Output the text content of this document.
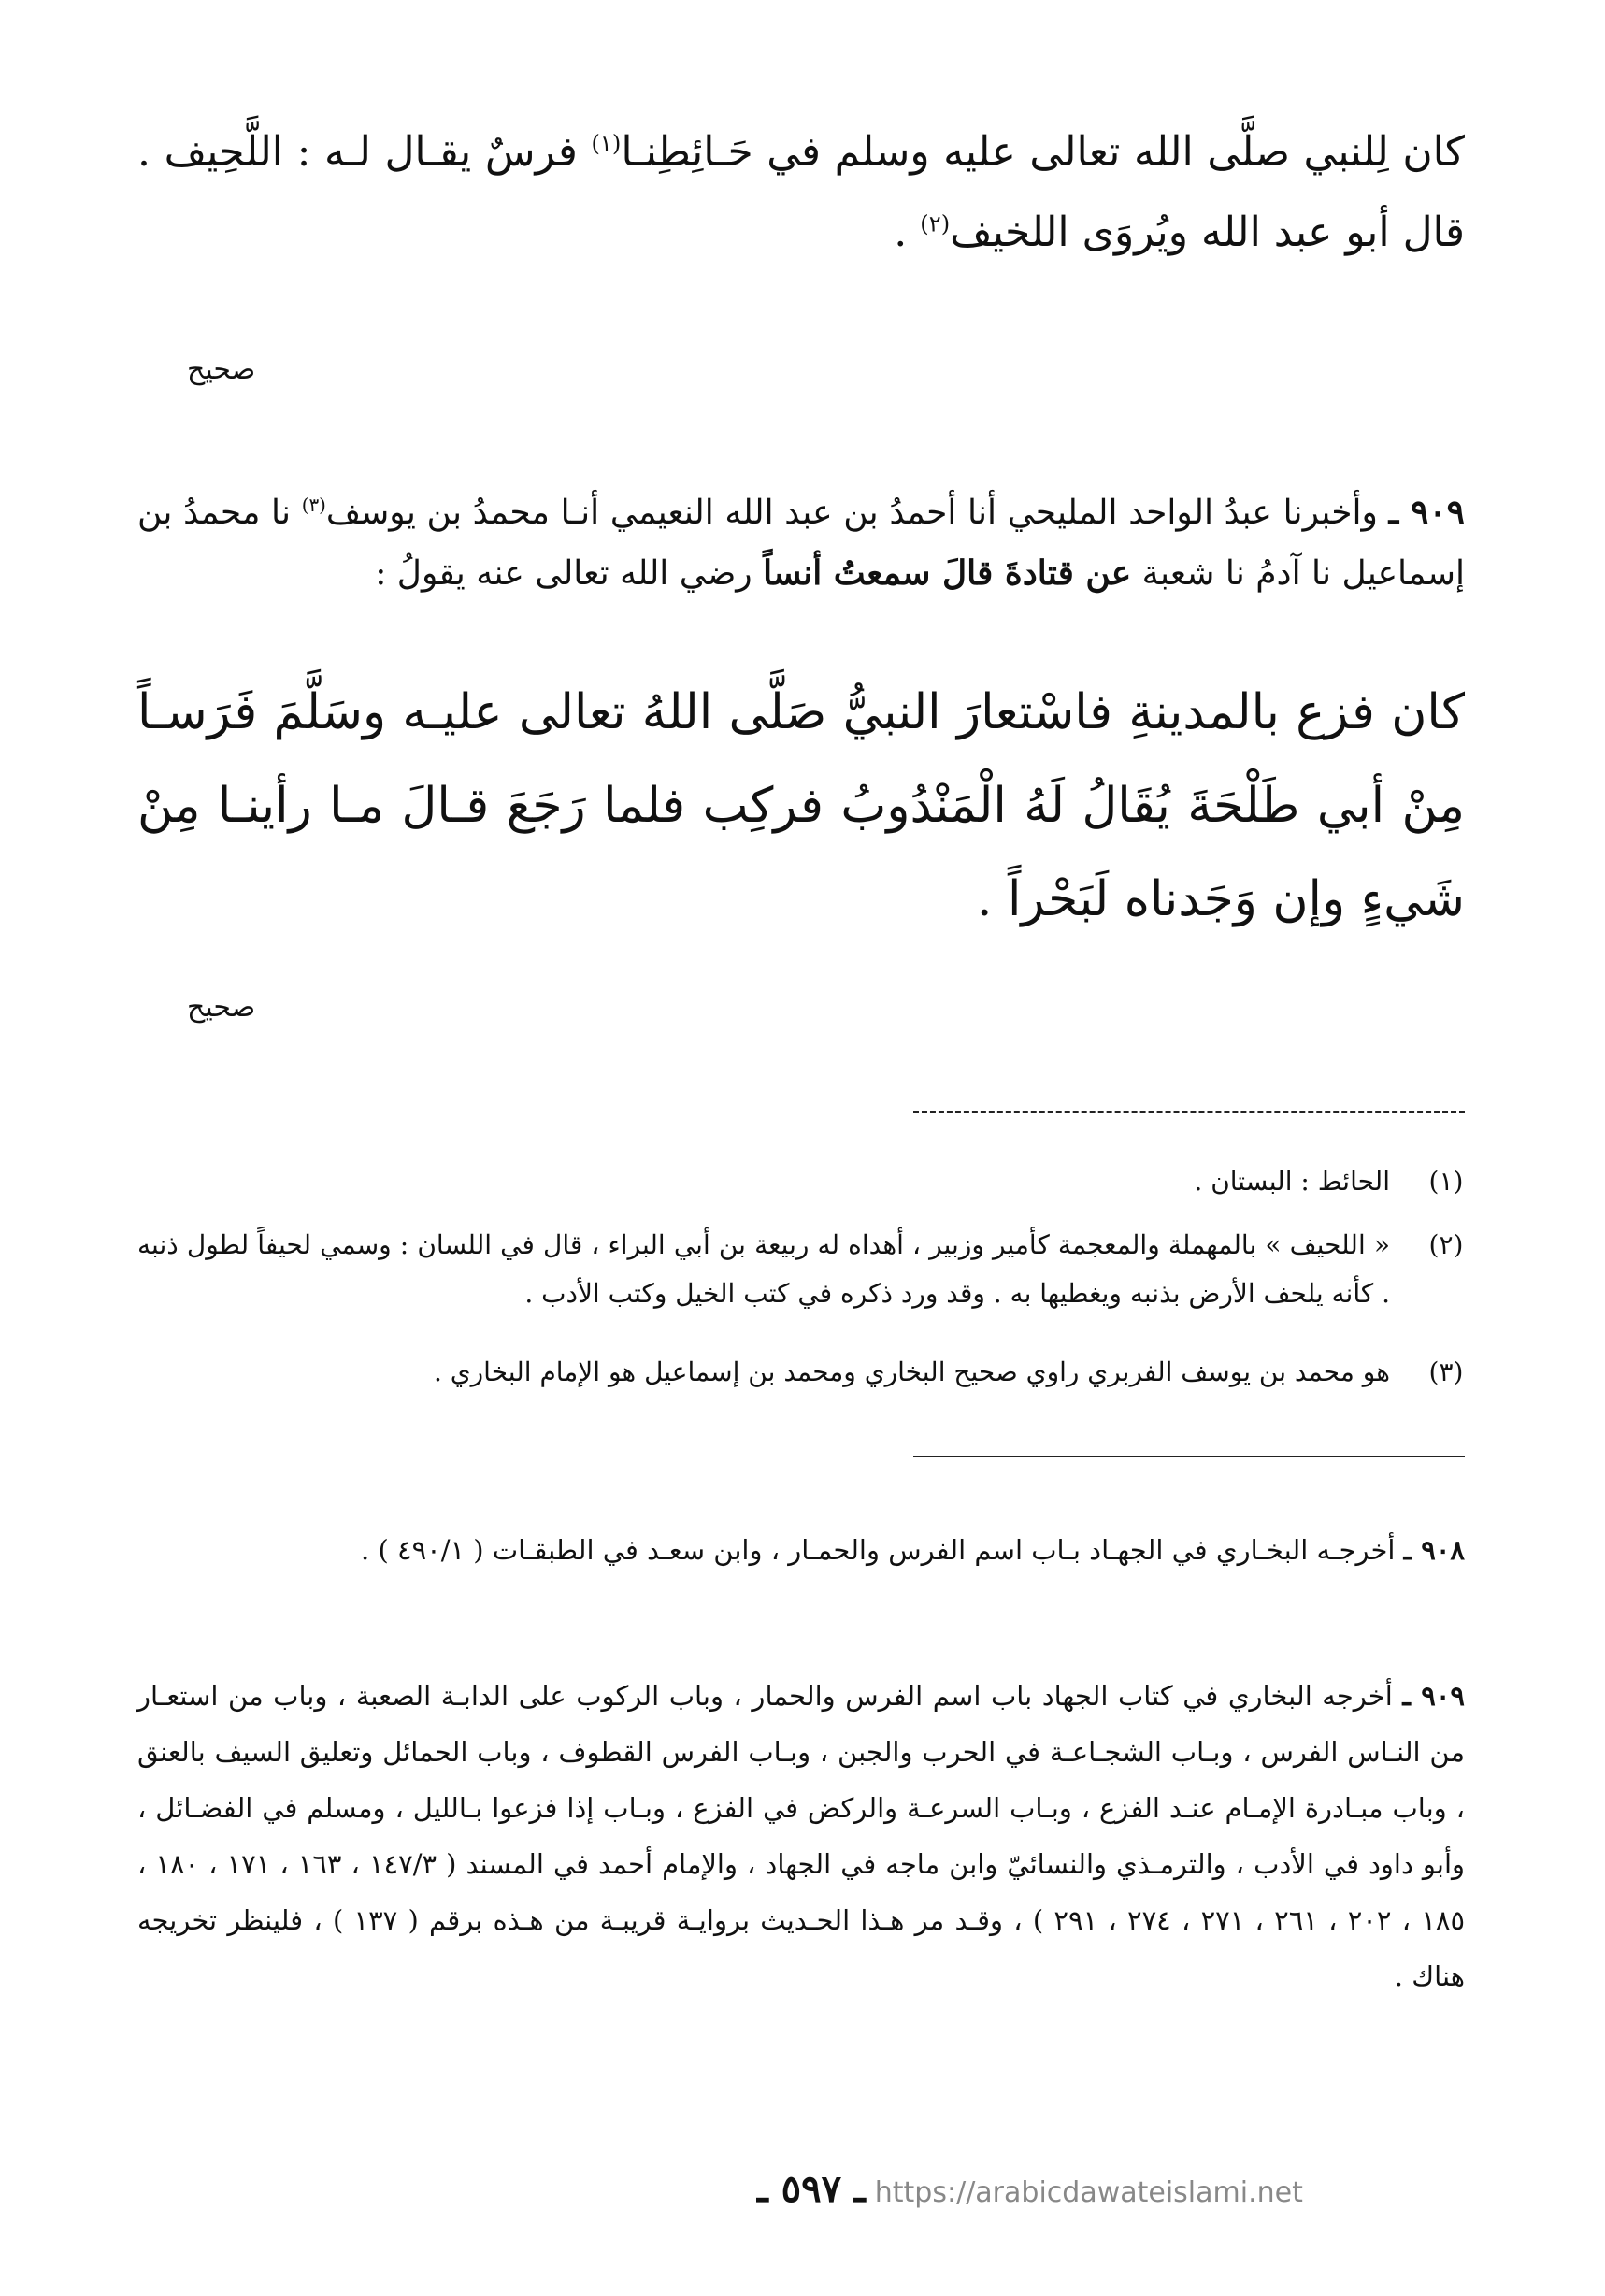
كان لِلنبي صلَّى الله تعالى عليه وسلم في حَـائِطِنـا$^{(١)}$ فرسٌ يقـال لـه : اللَّحِيف . قال أبو عبد الله ويُروَى اللخيف$^{(٢)}$ .
صحيح
٩٠٩ ـ وأخبرنا عبدُ الواحد المليحي أنا أحمدُ بن عبد الله النعيمي أنـا محمدُ بن يوسف$^{(٣)}$ نا محمدُ بن إسماعيل نا آدمُ نا شعبة عن قتادةَ قالَ سمعتُ أنساً رضي الله تعالى عنه يقولُ :
كان فزع بالمدينةِ فاسْتعارَ النبيُّ صَلَّى اللهُ تعالى عليـه وسَلَّمَ فَرَسـاً مِنْ أبي طَلْحَةَ يُقَالُ لَهُ الْمَنْدُوبُ فركِب فلما رَجَعَ قـالَ مـا رأينـا مِنْ شَيءٍ وإن وَجَدناه لَبَحْراً .
صحيح
(١)
الحائط : البستان .
(٢)
« اللحيف » بالمهملة والمعجمة كأمير وزبير ، أهداه له ربيعة بن أبي البراء ، قال في اللسان : وسمي لحيفاً لطول ذنبه . كأنه يلحف الأرض بذنبه ويغطيها به . وقد ورد ذكره في كتب الخيل وكتب الأدب .
(٣)
هو محمد بن يوسف الفربري راوي صحيح البخاري ومحمد بن إسماعيل هو الإمام البخاري .
٩٠٨ ـ أخرجـه البخـاري في الجهـاد بـاب اسم الفرس والحمـار ، وابن سعـد في الطبقـات ( ٤٩٠/١ ) .
٩٠٩ ـ أخرجه البخاري في كتاب الجهاد باب اسم الفرس والحمار ، وباب الركوب على الدابـة الصعبة ، وباب من استعـار من النـاس الفرس ، وبـاب الشجـاعـة في الحرب والجبن ، وبـاب الفرس القطوف ، وباب الحمائل وتعليق السيف بالعنق ، وباب مبـادرة الإمـام عنـد الفزع ، وبـاب السرعـة والركض في الفزع ، وبـاب إذا فزعوا بـالليل ، ومسلم في الفضـائل ، وأبو داود في الأدب ، والترمـذي والنسائيّ وابن ماجه في الجهاد ، والإمام أحمد في المسند ( ١٤٧/٣ ، ١٦٣ ، ١٧١ ، ١٨٠ ، ١٨٥ ، ٢٠٢ ، ٢٦١ ، ٢٧١ ، ٢٧٤ ، ٢٩١ ) ، وقـد مر هـذا الحـديث بروايـة قريبـة من هـذه برقم ( ١٣٧ ) ، فلينظر تخريجه هناك .
ـ ٥٩٧ ـ https://arabicdawateislami.net
